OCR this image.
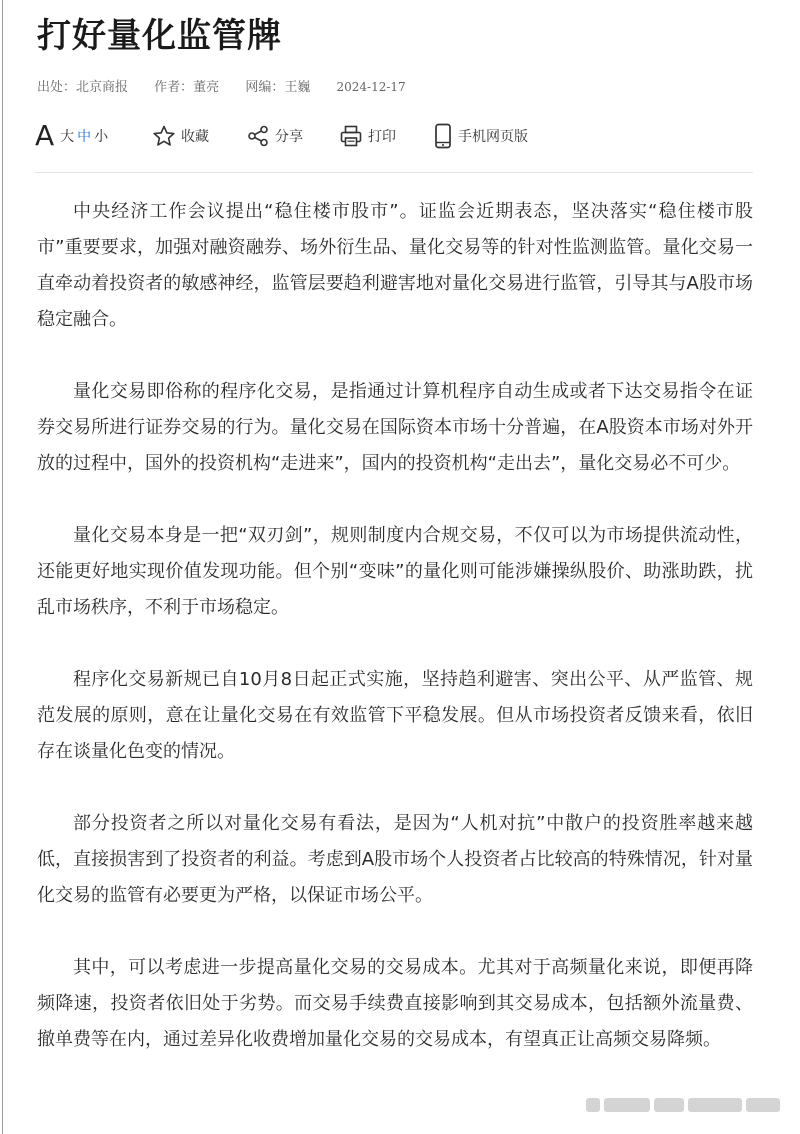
打好量化监管牌
出处：北京商报 作者：董亮 网编：王巍 2024-12-17
A 大 中 小	收藏	分享	打印	手机网页版

中央经济工作会议提出“稳住楼市股市”。证监会近期表态，坚决落实“稳住楼市股市”重要要求，加强对融资融券、场外衍生品、量化交易等的针对性监测监管。量化交易一直牵动着投资者的敏感神经，监管层要趋利避害地对量化交易进行监管，引导其与A股市场稳定融合。

量化交易即俗称的程序化交易，是指通过计算机程序自动生成或者下达交易指令在证券交易所进行证券交易的行为。量化交易在国际资本市场十分普遍，在A股资本市场对外开放的过程中，国外的投资机构“走进来”，国内的投资机构“走出去”，量化交易必不可少。

量化交易本身是一把“双刃剑”，规则制度内合规交易，不仅可以为市场提供流动性，还能更好地实现价值发现功能。但个别“变味”的量化则可能涉嫌操纵股价、助涨助跌，扰乱市场秩序，不利于市场稳定。

程序化交易新规已自10月8日起正式实施，坚持趋利避害、突出公平、从严监管、规范发展的原则，意在让量化交易在有效监管下平稳发展。但从市场投资者反馈来看，依旧存在谈量化色变的情况。

部分投资者之所以对量化交易有看法，是因为“人机对抗”中散户的投资胜率越来越低，直接损害到了投资者的利益。考虑到A股市场个人投资者占比较高的特殊情况，针对量化交易的监管有必要更为严格，以保证市场公平。

其中，可以考虑进一步提高量化交易的交易成本。尤其对于高频量化来说，即便再降频降速，投资者依旧处于劣势。而交易手续费直接影响到其交易成本，包括额外流量费、撤单费等在内，通过差异化收费增加量化交易的交易成本，有望真正让高频交易降频。
